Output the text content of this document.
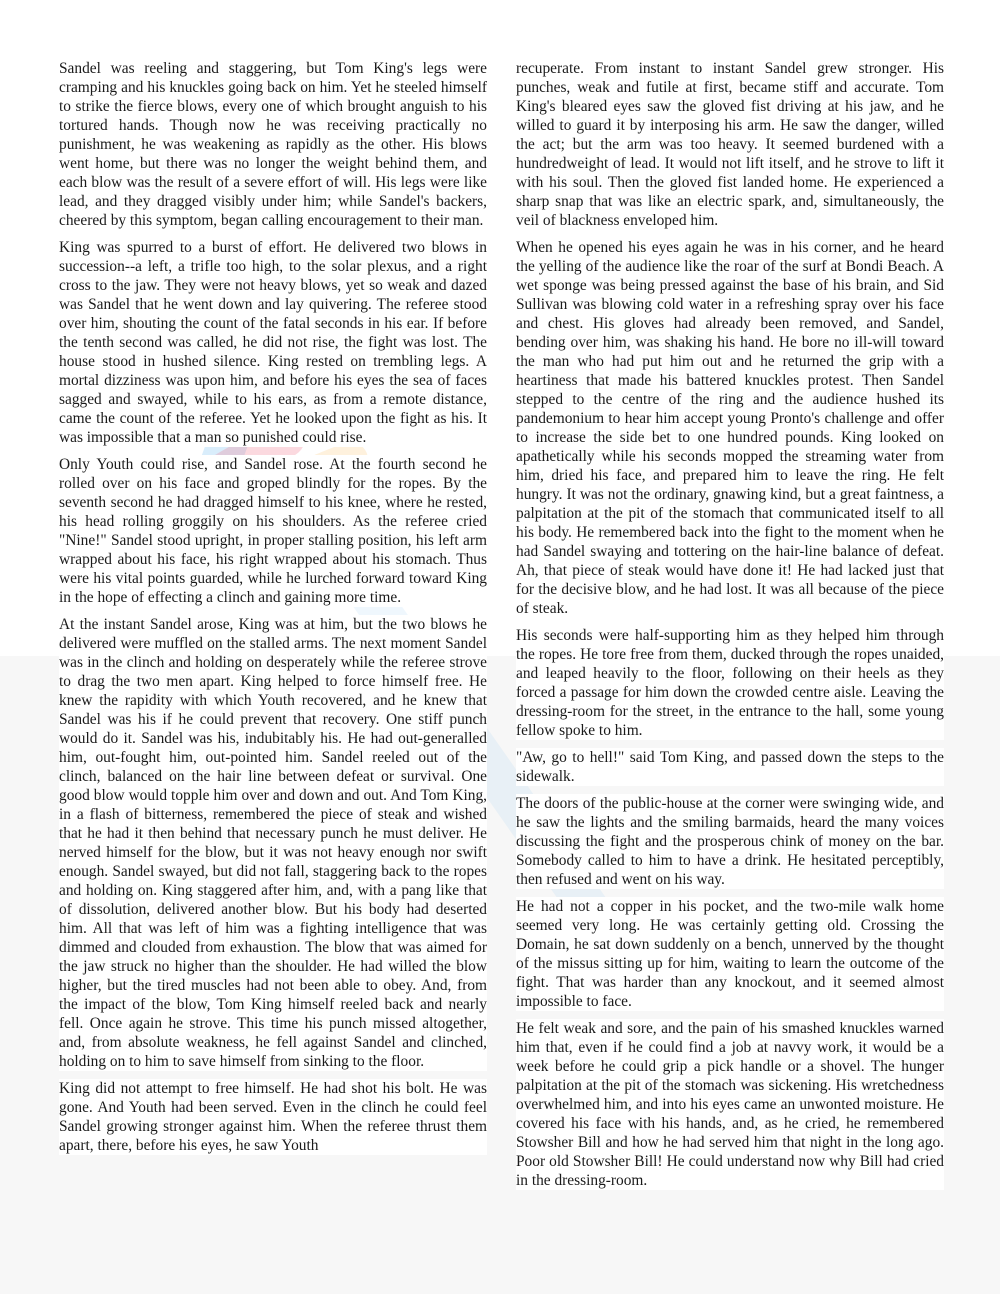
Sandel was reeling and staggering, but Tom King's legs were cramping and his knuckles going back on him. Yet he steeled himself to strike the fierce blows, every one of which brought anguish to his tortured hands. Though now he was receiving practically no punishment, he was weakening as rapidly as the other. His blows went home, but there was no longer the weight behind them, and each blow was the result of a severe effort of will. His legs were like lead, and they dragged visibly under him; while Sandel's backers, cheered by this symptom, began calling encouragement to their man.

King was spurred to a burst of effort. He delivered two blows in succession--a left, a trifle too high, to the solar plexus, and a right cross to the jaw. They were not heavy blows, yet so weak and dazed was Sandel that he went down and lay quivering. The referee stood over him, shouting the count of the fatal seconds in his ear. If before the tenth second was called, he did not rise, the fight was lost. The house stood in hushed silence. King rested on trembling legs. A mortal dizziness was upon him, and before his eyes the sea of faces sagged and swayed, while to his ears, as from a remote distance, came the count of the referee. Yet he looked upon the fight as his. It was impossible that a man so punished could rise.

Only Youth could rise, and Sandel rose. At the fourth second he rolled over on his face and groped blindly for the ropes. By the seventh second he had dragged himself to his knee, where he rested, his head rolling groggily on his shoulders. As the referee cried "Nine!" Sandel stood upright, in proper stalling position, his left arm wrapped about his face, his right wrapped about his stomach. Thus were his vital points guarded, while he lurched forward toward King in the hope of effecting a clinch and gaining more time.

At the instant Sandel arose, King was at him, but the two blows he delivered were muffled on the stalled arms. The next moment Sandel was in the clinch and holding on desperately while the referee strove to drag the two men apart. King helped to force himself free. He knew the rapidity with which Youth recovered, and he knew that Sandel was his if he could prevent that recovery. One stiff punch would do it. Sandel was his, indubitably his. He had out-generalled him, out-fought him, out-pointed him. Sandel reeled out of the clinch, balanced on the hair line between defeat or survival. One good blow would topple him over and down and out. And Tom King, in a flash of bitterness, remembered the piece of steak and wished that he had it then behind that necessary punch he must deliver. He nerved himself for the blow, but it was not heavy enough nor swift enough. Sandel swayed, but did not fall, staggering back to the ropes and holding on. King staggered after him, and, with a pang like that of dissolution, delivered another blow. But his body had deserted him. All that was left of him was a fighting intelligence that was dimmed and clouded from exhaustion. The blow that was aimed for the jaw struck no higher than the shoulder. He had willed the blow higher, but the tired muscles had not been able to obey. And, from the impact of the blow, Tom King himself reeled back and nearly fell. Once again he strove. This time his punch missed altogether, and, from absolute weakness, he fell against Sandel and clinched, holding on to him to save himself from sinking to the floor.

King did not attempt to free himself. He had shot his bolt. He was gone. And Youth had been served. Even in the clinch he could feel Sandel growing stronger against him. When the referee thrust them apart, there, before his eyes, he saw Youth

recuperate. From instant to instant Sandel grew stronger. His punches, weak and futile at first, became stiff and accurate. Tom King's bleared eyes saw the gloved fist driving at his jaw, and he willed to guard it by interposing his arm. He saw the danger, willed the act; but the arm was too heavy. It seemed burdened with a hundredweight of lead. It would not lift itself, and he strove to lift it with his soul. Then the gloved fist landed home. He experienced a sharp snap that was like an electric spark, and, simultaneously, the veil of blackness enveloped him.

When he opened his eyes again he was in his corner, and he heard the yelling of the audience like the roar of the surf at Bondi Beach. A wet sponge was being pressed against the base of his brain, and Sid Sullivan was blowing cold water in a refreshing spray over his face and chest. His gloves had already been removed, and Sandel, bending over him, was shaking his hand. He bore no ill-will toward the man who had put him out and he returned the grip with a heartiness that made his battered knuckles protest. Then Sandel stepped to the centre of the ring and the audience hushed its pandemonium to hear him accept young Pronto's challenge and offer to increase the side bet to one hundred pounds. King looked on apathetically while his seconds mopped the streaming water from him, dried his face, and prepared him to leave the ring. He felt hungry. It was not the ordinary, gnawing kind, but a great faintness, a palpitation at the pit of the stomach that communicated itself to all his body. He remembered back into the fight to the moment when he had Sandel swaying and tottering on the hair-line balance of defeat. Ah, that piece of steak would have done it! He had lacked just that for the decisive blow, and he had lost. It was all because of the piece of steak.

His seconds were half-supporting him as they helped him through the ropes. He tore free from them, ducked through the ropes unaided, and leaped heavily to the floor, following on their heels as they forced a passage for him down the crowded centre aisle. Leaving the dressing-room for the street, in the entrance to the hall, some young fellow spoke to him.

"Aw, go to hell!" said Tom King, and passed down the steps to the sidewalk.

The doors of the public-house at the corner were swinging wide, and he saw the lights and the smiling barmaids, heard the many voices discussing the fight and the prosperous chink of money on the bar. Somebody called to him to have a drink. He hesitated perceptibly, then refused and went on his way.

He had not a copper in his pocket, and the two-mile walk home seemed very long. He was certainly getting old. Crossing the Domain, he sat down suddenly on a bench, unnerved by the thought of the missus sitting up for him, waiting to learn the outcome of the fight. That was harder than any knockout, and it seemed almost impossible to face.

He felt weak and sore, and the pain of his smashed knuckles warned him that, even if he could find a job at navvy work, it would be a week before he could grip a pick handle or a shovel. The hunger palpitation at the pit of the stomach was sickening. His wretchedness overwhelmed him, and into his eyes came an unwonted moisture. He covered his face with his hands, and, as he cried, he remembered Stowsher Bill and how he had served him that night in the long ago. Poor old Stowsher Bill! He could understand now why Bill had cried in the dressing-room.
